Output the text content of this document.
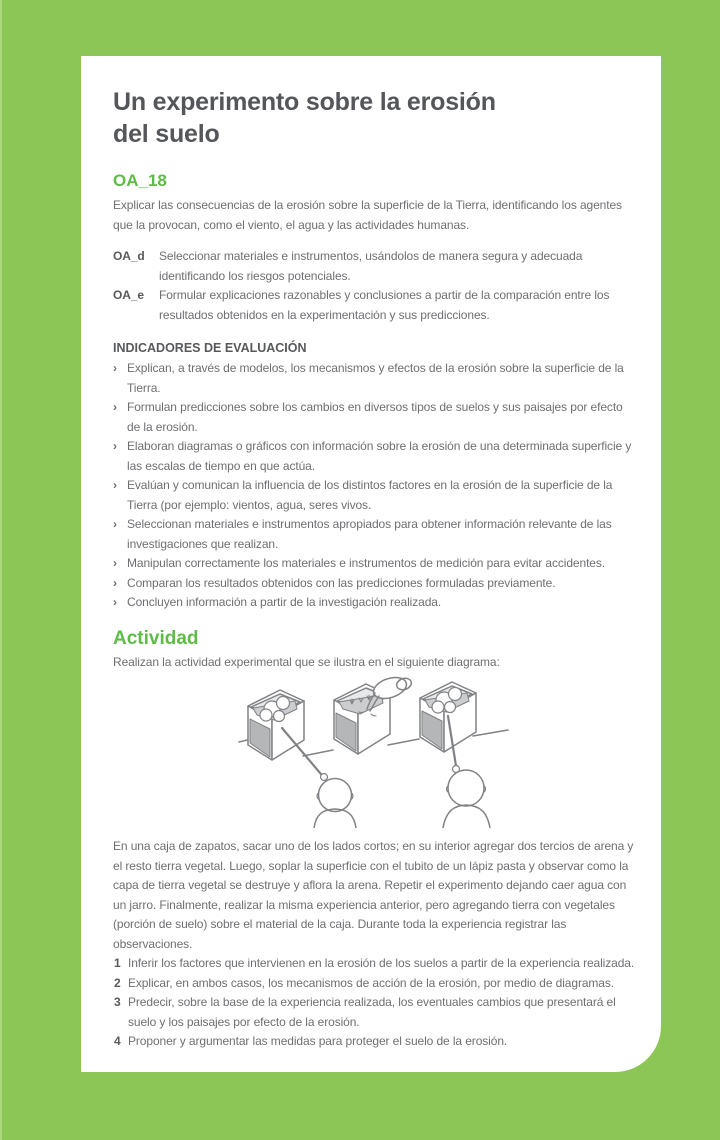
Un experimento sobre la erosión
del suelo
OA_18

Explicar las consecuencias de la erosión sobre la superficie de la Tierra, identificando los agentes que la provocan, como el viento, el agua y las actividades humanas.

OA_d	Seleccionar materiales e instrumentos, usándolos de manera segura y adecuada identificando los riesgos potenciales.
OA_e	Formular explicaciones razonables y conclusiones a partir de la comparación entre los resultados obtenidos en la experimentación y sus predicciones.
INDICADORES DE EVALUACIÓN
› Explican, a través de modelos, los mecanismos y efectos de la erosión sobre la superficie de la Tierra.
› Formulan predicciones sobre los cambios en diversos tipos de suelos y sus paisajes por efecto de la erosión.
› Elaboran diagramas o gráficos con información sobre la erosión de una determinada superficie y las escalas de tiempo en que actúa.
› Evalúan y comunican la influencia de los distintos factores en la erosión de la superficie de la Tierra (por ejemplo: vientos, agua, seres vivos.
› Seleccionan materiales e instrumentos apropiados para obtener información relevante de las investigaciones que realizan.
› Manipulan correctamente los materiales e instrumentos de medición para evitar accidentes.
› Comparan los resultados obtenidos con las predicciones formuladas previamente.
› Concluyen información a partir de la investigación realizada.
Actividad

Realizan la actividad experimental que se ilustra en el siguiente diagrama:

En una caja de zapatos, sacar uno de los lados cortos; en su interior agregar dos tercios de arena y el resto tierra vegetal. Luego, soplar la superficie con el tubito de un lápiz pasta y observar como la capa de tierra vegetal se destruye y aflora la arena. Repetir el experimento dejando caer agua con un jarro. Finalmente, realizar la misma experiencia anterior, pero agregando tierra con vegetales (porción de suelo) sobre el material de la caja. Durante toda la experiencia registrar las observaciones.

1 Inferir los factores que intervienen en la erosión de los suelos a partir de la experiencia realizada.
2 Explicar, en ambos casos, los mecanismos de acción de la erosión, por medio de diagramas.
3 Predecir, sobre la base de la experiencia realizada, los eventuales cambios que presentará el suelo y los paisajes por efecto de la erosión.
4 Proponer y argumentar las medidas para proteger el suelo de la erosión.
